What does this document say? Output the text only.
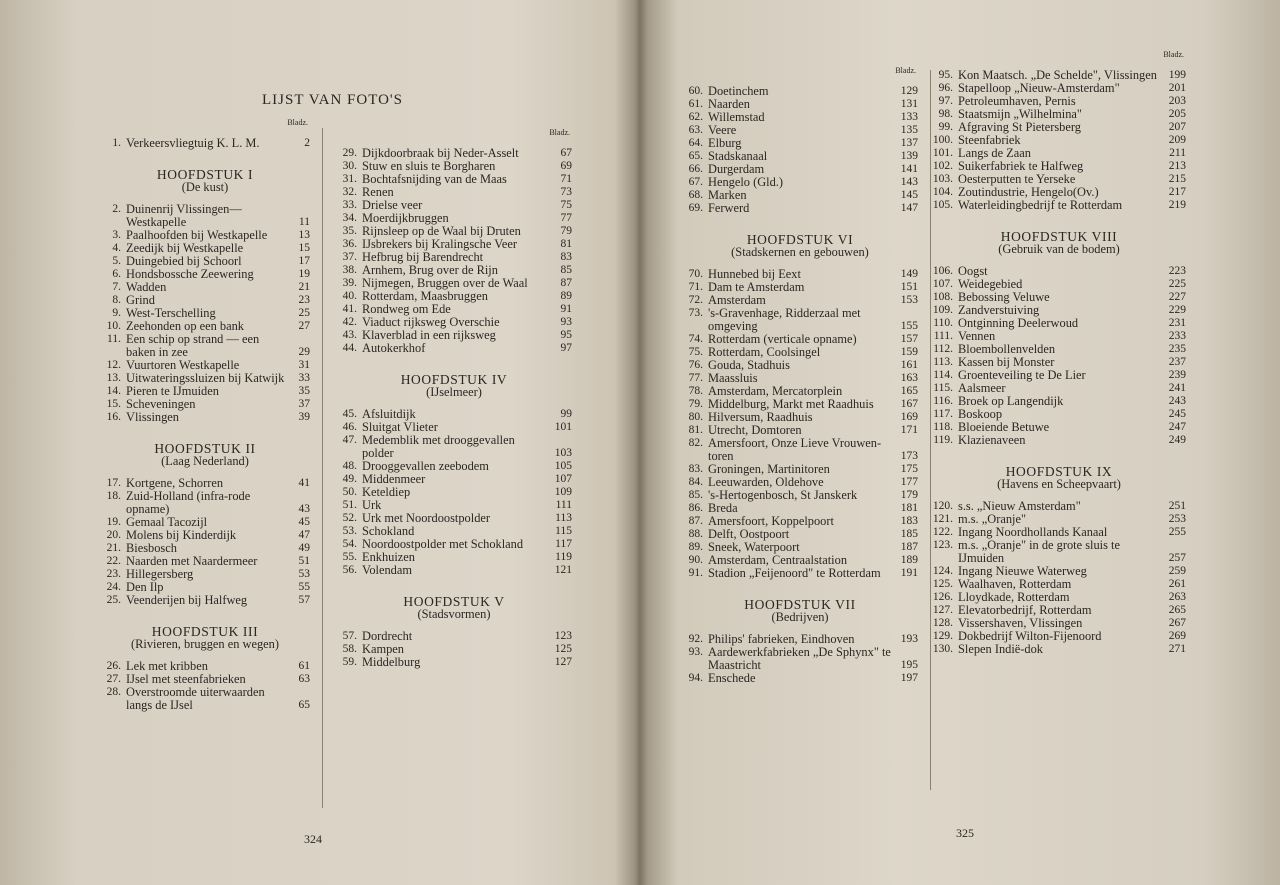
LIJST VAN FOTO'S
Bladz.
1. Verkeersvliegtuig K. L. M.	2
HOOFDSTUK I
(De kust)
2. Duinenrij Vlissingen—Westkapelle	11
3. Paalhoofden bij Westkapelle	13
4. Zeedijk bij Westkapelle	15
5. Duingebied bij Schoorl	17
6. Hondsbossche Zeewering	19
7. Wadden	21
8. Grind	23
9. West-Terschelling	25
10. Zeehonden op een bank	27
11. Een schip op strand — een baken in zee	29
12. Vuurtoren Westkapelle	31
13. Uitwateringssluizen bij Katwijk	33
14. Pieren te IJmuiden	35
15. Scheveningen	37
16. Vlissingen	39
HOOFDSTUK II
(Laag Nederland)
17. Kortgene, Schorren	41
18. Zuid-Holland (infra-rode opname)	43
19. Gemaal Tacozijl	45
20. Molens bij Kinderdijk	47
21. Biesbosch	49
22. Naarden met Naardermeer	51
23. Hillegersberg	53
24. Den Ilp	55
25. Veenderijen bij Halfweg	57
HOOFDSTUK III
(Rivieren, bruggen en wegen)
26. Lek met kribben	61
27. IJsel met steenfabrieken	63
28. Overstroomde uiterwaarden langs de IJsel	65
Bladz.
29. Dijkdoorbraak bij Neder-Asselt	67
30. Stuw en sluis te Borgharen	69
31. Bochtafsnijding van de Maas	71
32. Renen	73
33. Drielse veer	75
34. Moerdijkbruggen	77
35. Rijnsleep op de Waal bij Druten	79
36. IJsbrekers bij Kralingsche Veer	81
37. Hefbrug bij Barendrecht	83
38. Arnhem, Brug over de Rijn	85
39. Nijmegen, Bruggen over de Waal	87
40. Rotterdam, Maasbruggen	89
41. Rondweg om Ede	91
42. Viaduct rijksweg Overschie	93
43. Klaverblad in een rijksweg	95
44. Autokerkhof	97
HOOFDSTUK IV
(IJselmeer)
45. Afsluitdijk	99
46. Sluitgat Vlieter	101
47. Medemblik met drooggevallen polder	103
48. Drooggevallen zeebodem	105
49. Middenmeer	107
50. Keteldiep	109
51. Urk	111
52. Urk met Noordoostpolder	113
53. Schokland	115
54. Noordoostpolder met Schokland	117
55. Enkhuizen	119
56. Volendam	121
HOOFDSTUK V
(Stadsvormen)
57. Dordrecht	123
58. Kampen	125
59. Middelburg	127
324
Bladz.
60. Doetinchem	129
61. Naarden	131
62. Willemstad	133
63. Veere	135
64. Elburg	137
65. Stadskanaal	139
66. Durgerdam	141
67. Hengelo (Gld.)	143
68. Marken	145
69. Ferwerd	147
HOOFDSTUK VI
(Stadskernen en gebouwen)
70. Hunnebed bij Eext	149
71. Dam te Amsterdam	151
72. Amsterdam	153
73. 's-Gravenhage, Ridderzaal met omgeving	155
74. Rotterdam (verticale opname)	157
75. Rotterdam, Coolsingel	159
76. Gouda, Stadhuis	161
77. Maassluis	163
78. Amsterdam, Mercatorplein	165
79. Middelburg, Markt met Raadhuis	167
80. Hilversum, Raadhuis	169
81. Utrecht, Domtoren	171
82. Amersfoort, Onze Lieve Vrouwen-toren	173
83. Groningen, Martinitoren	175
84. Leeuwarden, Oldehove	177
85. 's-Hertogenbosch, St Janskerk	179
86. Breda	181
87. Amersfoort, Koppelpoort	183
88. Delft, Oostpoort	185
89. Sneek, Waterpoort	187
90. Amsterdam, Centraalstation	189
91. Stadion „Feijenoord" te Rotterdam	191
HOOFDSTUK VII
(Bedrijven)
92. Philips' fabrieken, Eindhoven	193
93. Aardewerkfabrieken „De Sphynx" te Maastricht	195
94. Enschede	197
Bladz.
95. Kon Maatsch. „De Schelde", Vlissingen	199
96. Stapelloop „Nieuw-Amsterdam"	201
97. Petroleumhaven, Pernis	203
98. Staatsmijn „Wilhelmina"	205
99. Afgraving St Pietersberg	207
100. Steenfabriek	209
101. Langs de Zaan	211
102. Suikerfabriek te Halfweg	213
103. Oesterputten te Yerseke	215
104. Zoutindustrie, Hengelo(Ov.)	217
105. Waterleidingbedrijf te Rotterdam	219
HOOFDSTUK VIII
(Gebruik van de bodem)
106. Oogst	223
107. Weidegebied	225
108. Bebossing Veluwe	227
109. Zandverstuiving	229
110. Ontginning Deelerwoud	231
111. Vennen	233
112. Bloembollenvelden	235
113. Kassen bij Monster	237
114. Groenteveiling te De Lier	239
115. Aalsmeer	241
116. Broek op Langendijk	243
117. Boskoop	245
118. Bloeiende Betuwe	247
119. Klazienaveen	249
HOOFDSTUK IX
(Havens en Scheepvaart)
120. s.s. „Nieuw Amsterdam"	251
121. m.s. „Oranje"	253
122. Ingang Noordhollands Kanaal	255
123. m.s. „Oranje" in de grote sluis te IJmuiden	257
124. Ingang Nieuwe Waterweg	259
125. Waalhaven, Rotterdam	261
126. Lloydkade, Rotterdam	263
127. Elevatorbedrijf, Rotterdam	265
128. Vissershaven, Vlissingen	267
129. Dokbedrijf Wilton-Fijenoord	269
130. Slepen Indië-dok	271
325
